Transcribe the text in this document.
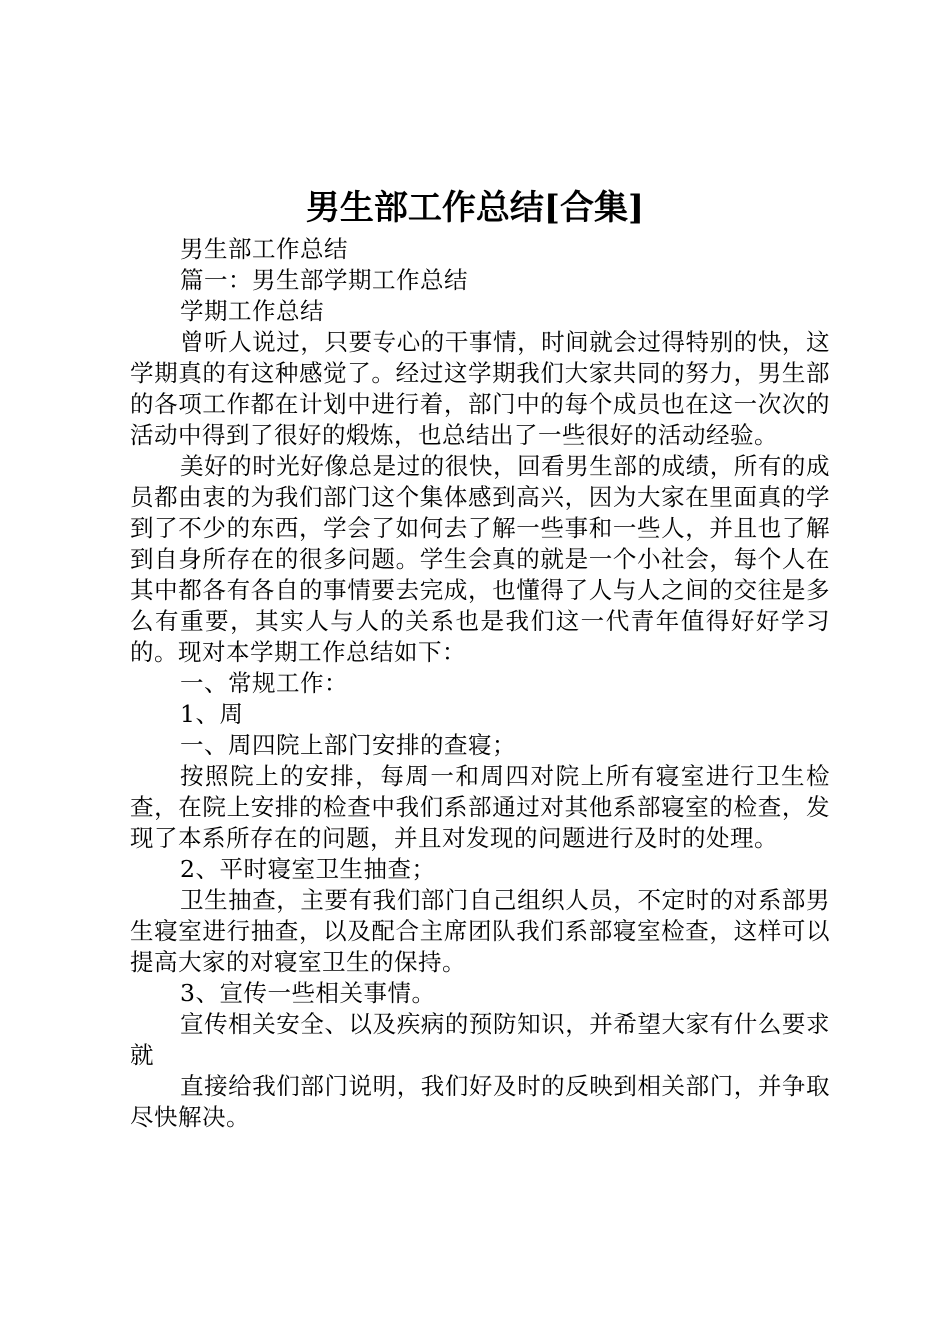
男生部工作总结[合集]

男生部工作总结

篇一：男生部学期工作总结

学期工作总结

曾听人说过，只要专心的干事情，时间就会过得特别的快，这学期真的有这种感觉了。经过这学期我们大家共同的努力，男生部的各项工作都在计划中进行着，部门中的每个成员也在这一次次的活动中得到了很好的煅炼，也总结出了一些很好的活动经验。

美好的时光好像总是过的很快，回看男生部的成绩，所有的成员都由衷的为我们部门这个集体感到高兴，因为大家在里面真的学到了不少的东西，学会了如何去了解一些事和一些人，并且也了解到自身所存在的很多问题。学生会真的就是一个小社会，每个人在其中都各有各自的事情要去完成，也懂得了人与人之间的交往是多么有重要，其实人与人的关系也是我们这一代青年值得好好学习的。现对本学期工作总结如下：

一、常规工作：

1、周

一、周四院上部门安排的查寝；

按照院上的安排，每周一和周四对院上所有寝室进行卫生检查，在院上安排的检查中我们系部通过对其他系部寝室的检查，发现了本系所存在的问题，并且对发现的问题进行及时的处理。

2、平时寝室卫生抽查；

卫生抽查，主要有我们部门自己组织人员，不定时的对系部男生寝室进行抽查，以及配合主席团队我们系部寝室检查，这样可以提高大家的对寝室卫生的保持。

3、宣传一些相关事情。

宣传相关安全、以及疾病的预防知识，并希望大家有什么要求就

直接给我们部门说明，我们好及时的反映到相关部门，并争取尽快解决。
